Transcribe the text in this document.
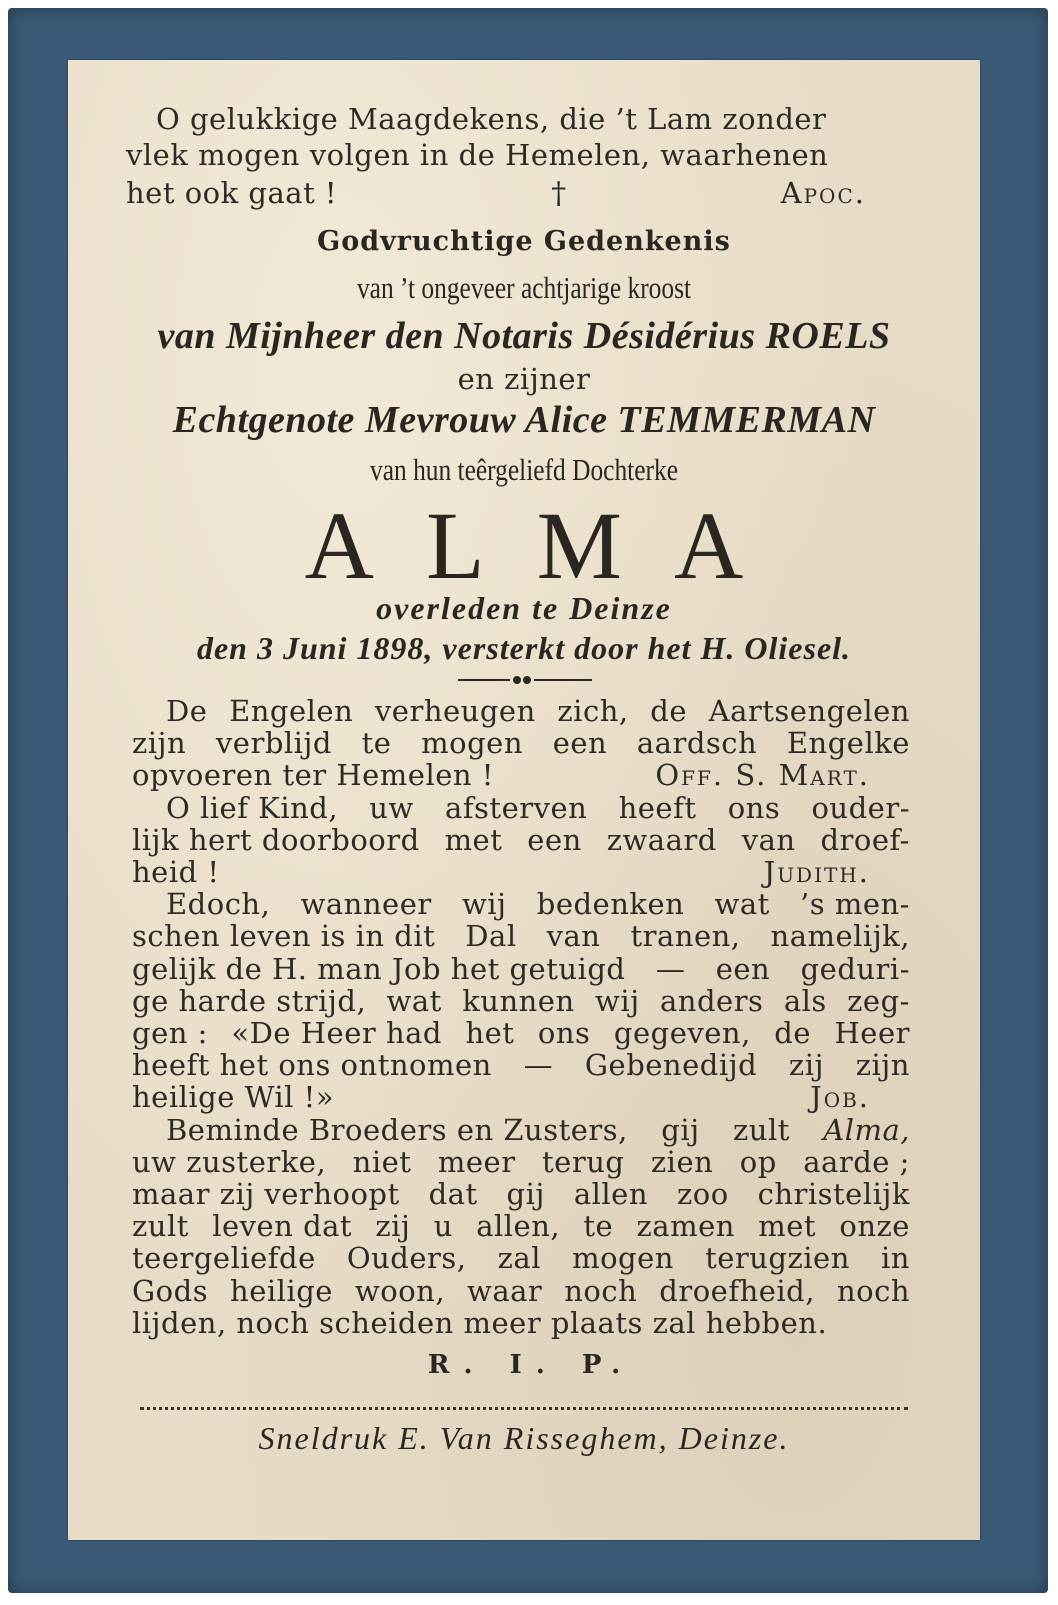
O gelukkige Maagdekens, die ’t Lam zonder
vlek mogen volgen in de Hemelen, waarhenen
het ook gaat !	†	Apoc.
Godvruchtige Gedenkenis
van ’t ongeveer achtjarige kroost
van Mijnheer den Notaris Désidérius ROELS
en zijner
Echtgenote Mevrouw Alice TEMMERMAN
van hun teêrgeliefd Dochterke
ALMA
overleden te Deinze
den 3 Juni 1898, versterkt door het H. Oliesel.
De Engelen verheugen zich, de Aartsengelen
zijn verblijd te mogen een aardsch Engelke
opvoeren ter Hemelen !	Off. S. Mart.
O lief Kind, uw afsterven heeft ons ouder-
lijk hert doorboord met een zwaard van droef-
heid !	Judith.
Edoch, wanneer wij bedenken wat ’s men-
schen leven is in dit Dal van tranen, namelijk,
gelijk de H. man Job het getuigd — een geduri-
ge harde strijd, wat kunnen wij anders als zeg-
gen : «De Heer had het ons gegeven, de Heer
heeft het ons ontnomen — Gebenedijd zij zijn
heilige Wil !»	Job.
Beminde Broeders en Zusters, gij zult Alma,
uw zusterke, niet meer terug zien op aarde ;
maar zij verhoopt dat gij allen zoo christelijk
zult leven dat zij u allen, te zamen met onze
teergeliefde Ouders, zal mogen terugzien in
Gods heilige woon, waar noch droefheid, noch
lijden, noch scheiden meer plaats zal hebben.
R. I. P.
Sneldruk E. Van Risseghem, Deinze.
